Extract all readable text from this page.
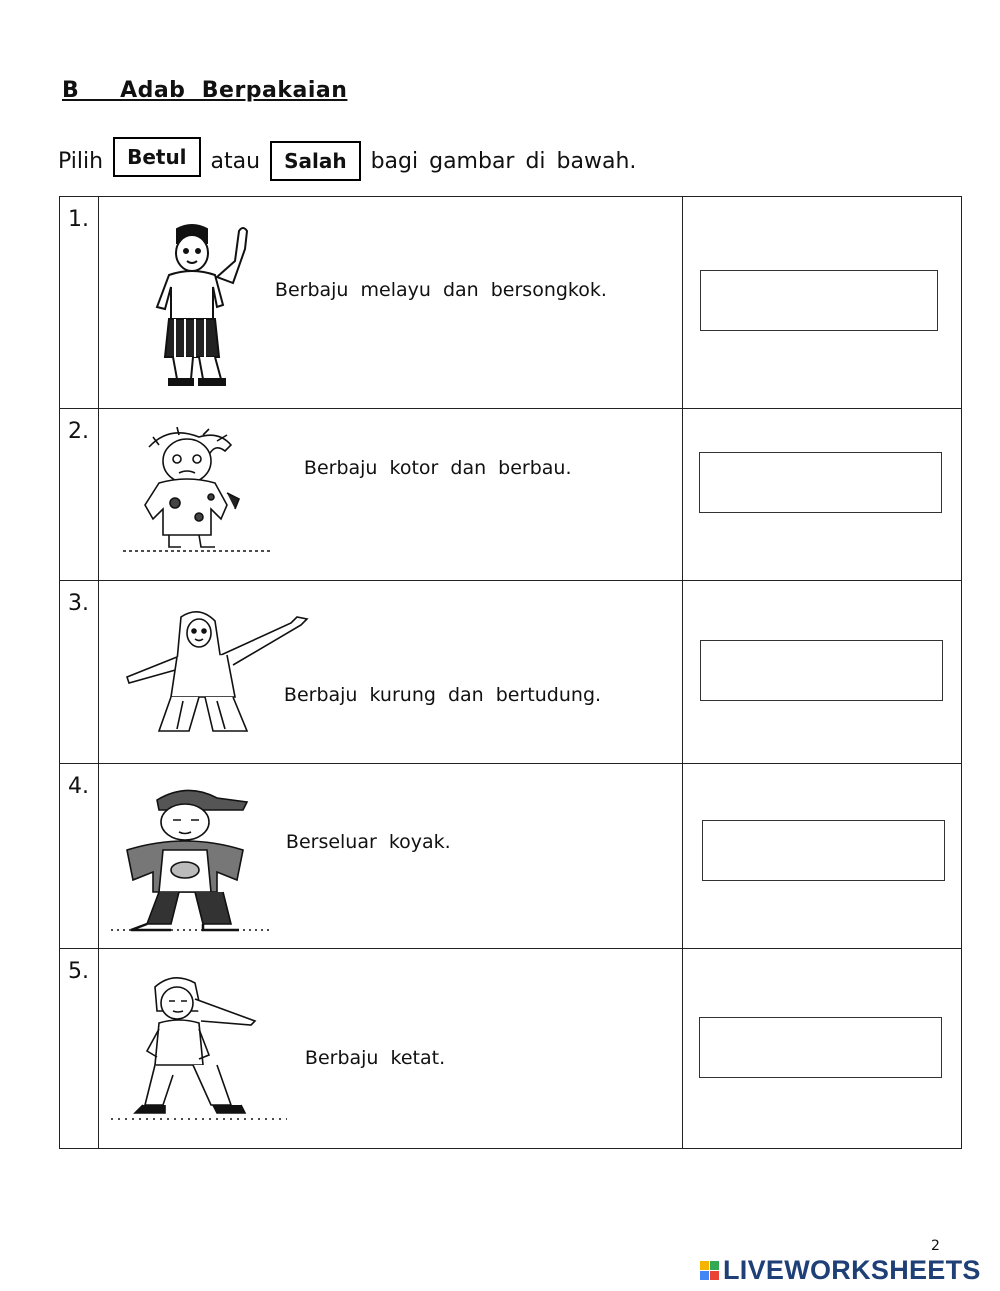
B     Adab  Berpakaian
Pilih	Betul	atau	Salah	bagi gambar di bawah.
1.	Berbaju melayu dan bersongkok.	

2.	Berbaju kotor dan berbau.	

3.	Berbaju kurung dan bertudung.	

4.	Berseluar koyak.	

5.	Berbaju ketat.	

2
LIVEWORKSHEETS
